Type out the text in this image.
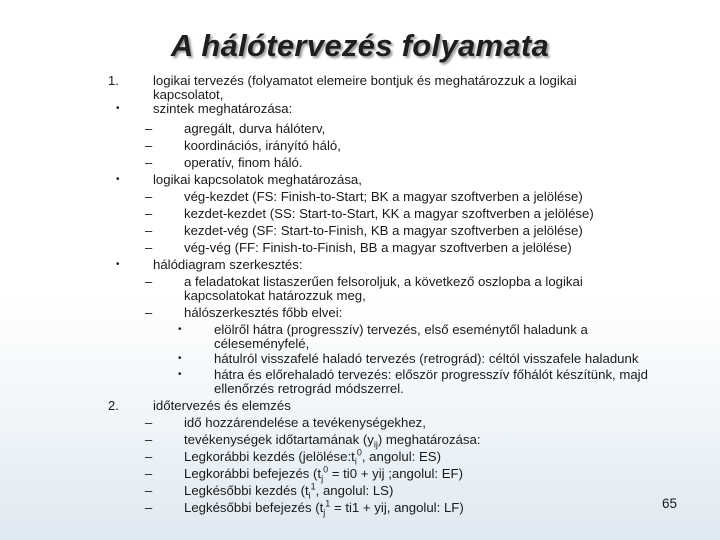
A hálótervezés folyamata
1.	logikai tervezés (folyamatot elemeire bontjuk és meghatározzuk a logikai
kapcsolatot,
•	szintek meghatározása:
– agregált, durva hálóterv,
– koordinációs, irányító háló,
– operatív, finom háló.
•	logikai kapcsolatok meghatározása,
– vég-kezdet (FS: Finish-to-Start; BK a magyar szoftverben a jelölése)
– kezdet-kezdet (SS: Start-to-Start, KK a magyar szoftverben a jelölése)
– kezdet-vég (SF: Start-to-Finish, KB a magyar szoftverben a jelölése)
– vég-vég (FF: Finish-to-Finish, BB a magyar szoftverben a jelölése)
•	hálódiagram szerkesztés:
– a feladatokat listaszerűen felsoroljuk, a következő oszlopba a logikai
kapcsolatokat határozzuk meg,
– hálószerkesztés főbb elvei:
• elölről hátra (progresszív) tervezés, első eseménytől haladunk a
céleseményfelé,
• hátulról visszafelé haladó tervezés (retrográd): céltól visszafele haladunk
• hátra és előrehaladó tervezés: először progresszív főhálót készítünk, majd
ellenőrzés retrográd módszerrel.
2.	időtervezés és elemzés
– idő hozzárendelése a tevékenységekhez,
– tevékenységek időtartamának $(y_{ij})$ meghatározása:
– Legkorábbi kezdés ($jelölése:t_i^0$, angolul: ES)
– Legkorábbi befejezés ($t_j^0 = ti0$ + yij ;angolul: EF)
– Legkésőbbi kezdés ($t_i^1$, angolul: LS)
– Legkésőbbi befejezés ($t_j^1 = ti1$ + yij, angolul: LF)	65
